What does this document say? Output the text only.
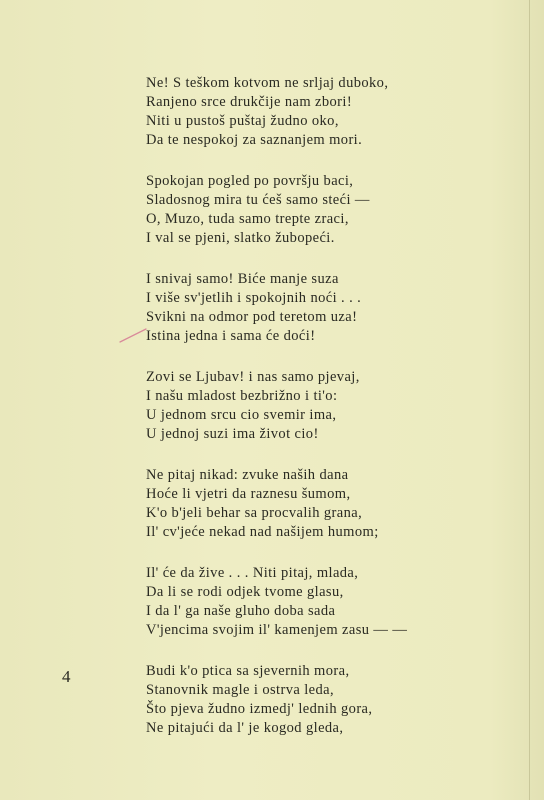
Ne! S teškom kotvom ne srljaj duboko,
Ranjeno srce drukčije nam zbori!
Niti u pustoš puštaj žudno oko,
Da te nespokoj za saznanjem mori.
Spokojan pogled po površju baci,
Sladosnog mira tu ćeš samo steći —
O, Muzo, tuda samo trepte zraci,
I val se pjeni, slatko žubореći.
I snivaj samo! Biće manje suza
I više sv'jetlih i spokojnih noći . . .
Svikni na odmor pod teretom uza!
Istina jedna i sama će doći!
Zovi se Ljubav! i nas samo pjevaj,
I našu mladost bezbrižno i ti'o:
U jednom srcu cio svemir ima,
U jednoj suzi ima život cio!
Ne pitaj nikad: zvuke naših dana
Hoće li vjetri da raznesu šumom,
K'o b'jeli behar sa procvalih grana,
Il' cv'jeće nekad nad našijem humom;
Il' će da žive . . . Niti pitaj, mlada,
Da li se rodi odjek tvome glasu,
I da l' ga naše gluho doba sada
V'jencima svojim il' kamenjem zasu — —
Budi k'o ptica sa sjevernih mora,
Stanovnik magle i ostrva leda,
Što pjeva žudno izmedj' lednih gora,
Ne pitajući da l' je kogod gleda,
4
